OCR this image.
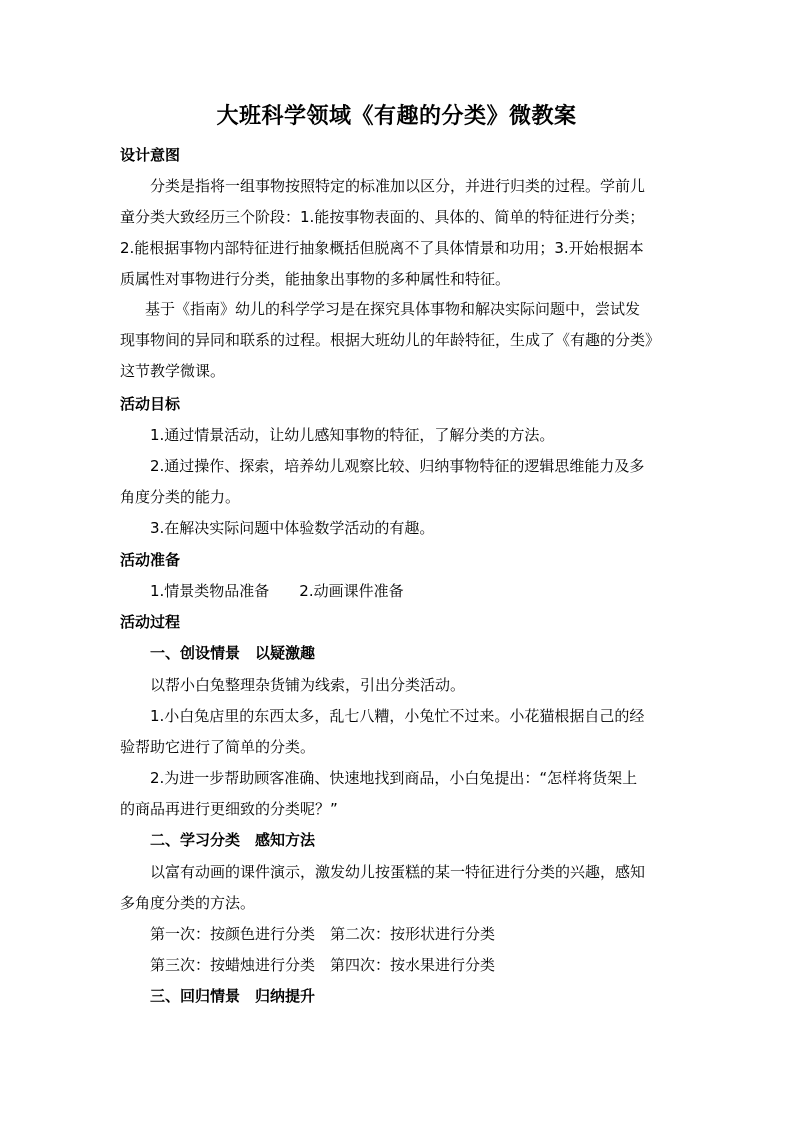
大班科学领域《有趣的分类》微教案
设计意图
分类是指将一组事物按照特定的标准加以区分，并进行归类的过程。学前儿
童分类大致经历三个阶段：1.能按事物表面的、具体的、简单的特征进行分类；
2.能根据事物内部特征进行抽象概括但脱离不了具体情景和功用；3.开始根据本
质属性对事物进行分类，能抽象出事物的多种属性和特征。
基于《指南》幼儿的科学学习是在探究具体事物和解决实际问题中，尝试发
现事物间的异同和联系的过程。根据大班幼儿的年龄特征，生成了《有趣的分类》
这节教学微课。
活动目标
1.通过情景活动，让幼儿感知事物的特征，了解分类的方法。
2.通过操作、探索，培养幼儿观察比较、归纳事物特征的逻辑思维能力及多
角度分类的能力。
3.在解决实际问题中体验数学活动的有趣。
活动准备
1.情景类物品准备　　2.动画课件准备
活动过程
一、创设情景　以疑激趣
以帮小白兔整理杂货铺为线索，引出分类活动。
1.小白兔店里的东西太多，乱七八糟，小兔忙不过来。小花猫根据自己的经
验帮助它进行了简单的分类。
2.为进一步帮助顾客准确、快速地找到商品，小白兔提出：“怎样将货架上
的商品再进行更细致的分类呢？”
二、学习分类　感知方法
以富有动画的课件演示，激发幼儿按蛋糕的某一特征进行分类的兴趣，感知
多角度分类的方法。
第一次：按颜色进行分类　第二次：按形状进行分类
第三次：按蜡烛进行分类　第四次：按水果进行分类
三、回归情景　归纳提升
